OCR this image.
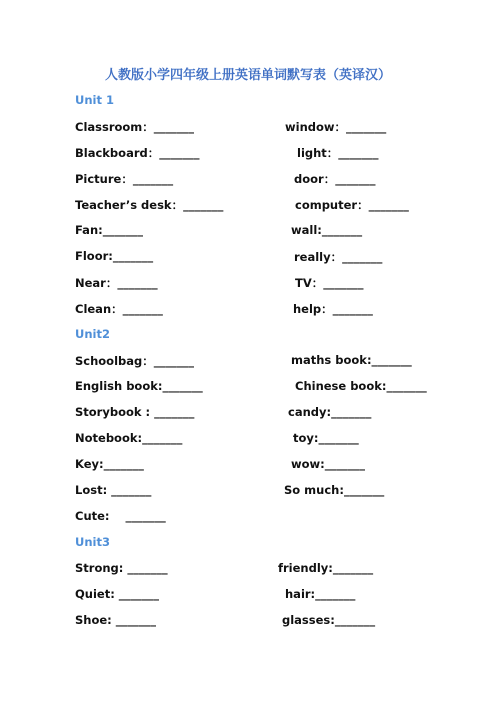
人教版小学四年级上册英语单词默写表（英译汉）
Unit 1
Classroom：_______	window：_______
Blackboard：_______	light：_______
Picture：_______	door：_______
Teacher’s desk：_______	computer：_______
Fan:_______	wall:_______
Floor:_______	really：_______
Near：_______	TV：_______
Clean：_______	help：_______
Unit2
Schoolbag：_______	maths book:_______
English book:_______	Chinese book:_______
Storybook : _______	candy:_______
Notebook:_______	toy:_______
Key:_______	wow:_______
Lost: _______	So much:_______
Cute:    _______
Unit3
Strong: _______	friendly:_______
Quiet: _______	hair:_______
Shoe: _______	glasses:_______
